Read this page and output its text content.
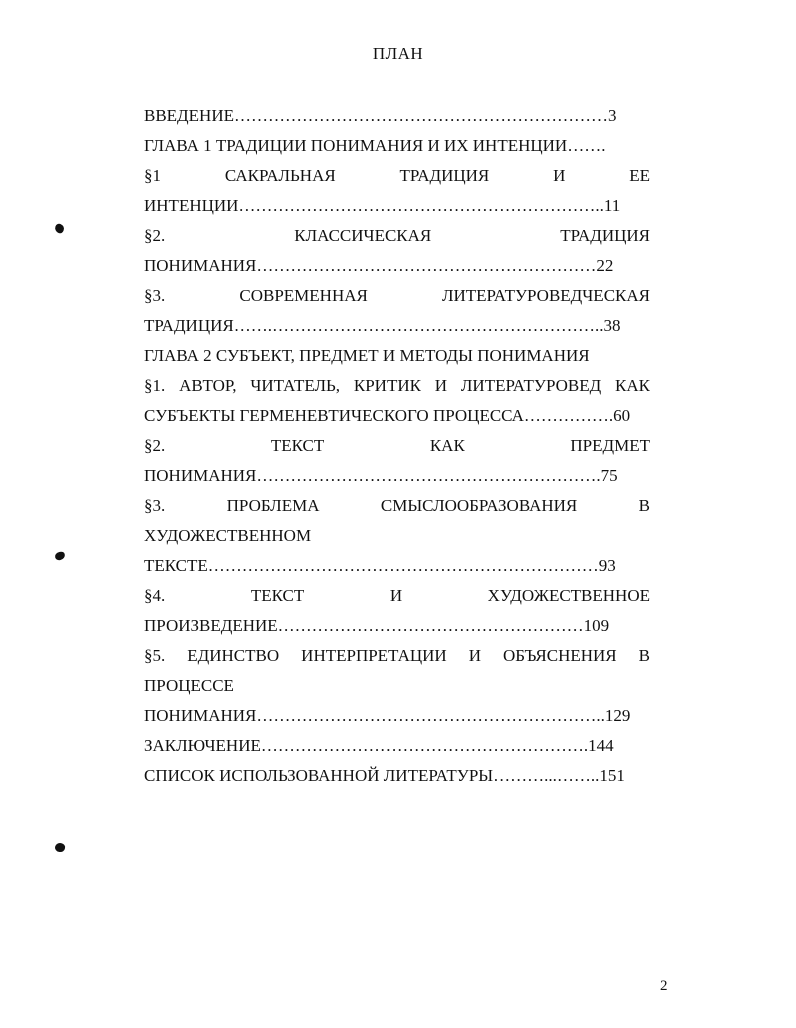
ПЛАН
ВВЕДЕНИЕ…………………………………………………………3
ГЛАВА 1 ТРАДИЦИИ ПОНИМАНИЯ И ИХ ИНТЕНЦИИ…….
§1 САКРАЛЬНАЯ ТРАДИЦИЯ И ЕЕ
ИНТЕНЦИИ………………………………………………………..11
§2. КЛАССИЧЕСКАЯ ТРАДИЦИЯ
ПОНИМАНИЯ……………………………………………………22
§3. СОВРЕМЕННАЯ ЛИТЕРАТУРОВЕДЧЕСКАЯ
ТРАДИЦИЯ…….…………………………………………………..38
ГЛАВА 2 СУБЪЕКТ, ПРЕДМЕТ И МЕТОДЫ ПОНИМАНИЯ
§1. АВТОР, ЧИТАТЕЛЬ, КРИТИК И ЛИТЕРАТУРОВЕД КАК
СУБЪЕКТЫ ГЕРМЕНЕВТИЧЕСКОГО ПРОЦЕССА…………….60
§2. ТЕКСТ КАК ПРЕДМЕТ
ПОНИМАНИЯ…………………………………………………….75
§3. ПРОБЛЕМА СМЫСЛООБРАЗОВАНИЯ В
ХУДОЖЕСТВЕННОМ
ТЕКСТЕ……………………………………………………………93
§4. ТЕКСТ И ХУДОЖЕСТВЕННОЕ
ПРОИЗВЕДЕНИЕ………………………………………………109
§5. ЕДИНСТВО ИНТЕРПРЕТАЦИИ И ОБЪЯСНЕНИЯ В
ПРОЦЕССЕ
ПОНИМАНИЯ……………………………………………………..129
ЗАКЛЮЧЕНИЕ………………………………………………….144
СПИСОК ИСПОЛЬЗОВАННОЙ ЛИТЕРАТУРЫ………...……..151
2
